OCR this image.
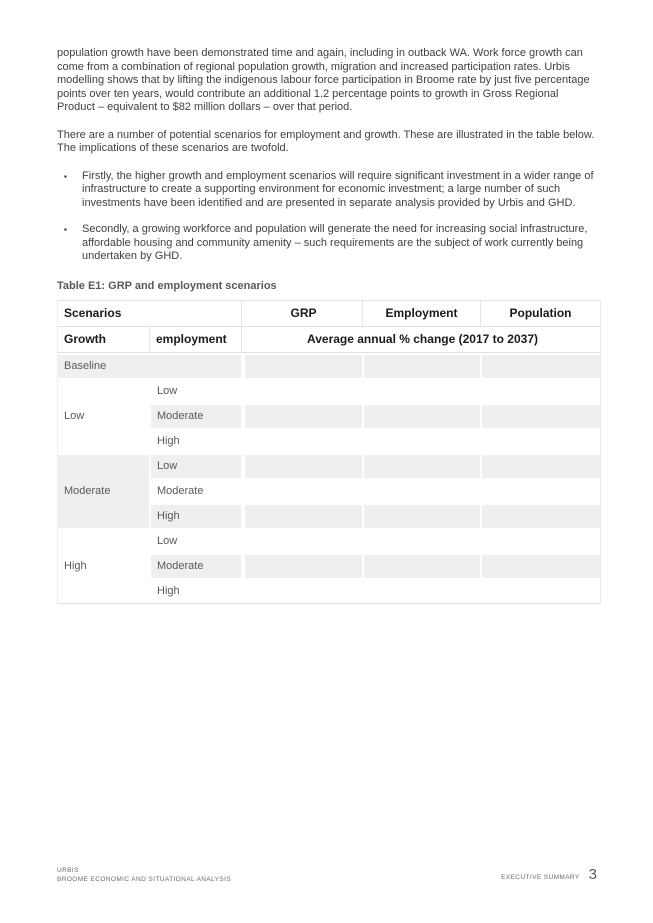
population growth have been demonstrated time and again, including in outback WA. Work force growth can come from a combination of regional population growth, migration and increased participation rates. Urbis modelling shows that by lifting the indigenous labour force participation in Broome rate by just five percentage points over ten years, would contribute an additional 1.2 percentage points to growth in Gross Regional Product – equivalent to $82 million dollars – over that period.

There are a number of potential scenarios for employment and growth. These are illustrated in the table below. The implications of these scenarios are twofold.

▪	Firstly, the higher growth and employment scenarios will require significant investment in a wider range of infrastructure to create a supporting environment for economic investment; a large number of such investments have been identified and are presented in separate analysis provided by Urbis and GHD.
▪	Secondly, a growing workforce and population will generate the need for increasing social infrastructure, affordable housing and community amenity – such requirements are the subject of work currently being undertaken by GHD.
Table E1: GRP and employment scenarios
Scenarios			GRP	Employment	Population
Growth	employment		Average annual % change (2017 to 2037)		
Baseline					
Low	Low				
	Moderate				
	High				
Moderate	Low				
	Moderate				
	High				
High	Low				
	Moderate				
	High				
URBIS
BROOME ECONOMIC AND SITUATIONAL ANALYSIS	EXECUTIVE SUMMARY 3
